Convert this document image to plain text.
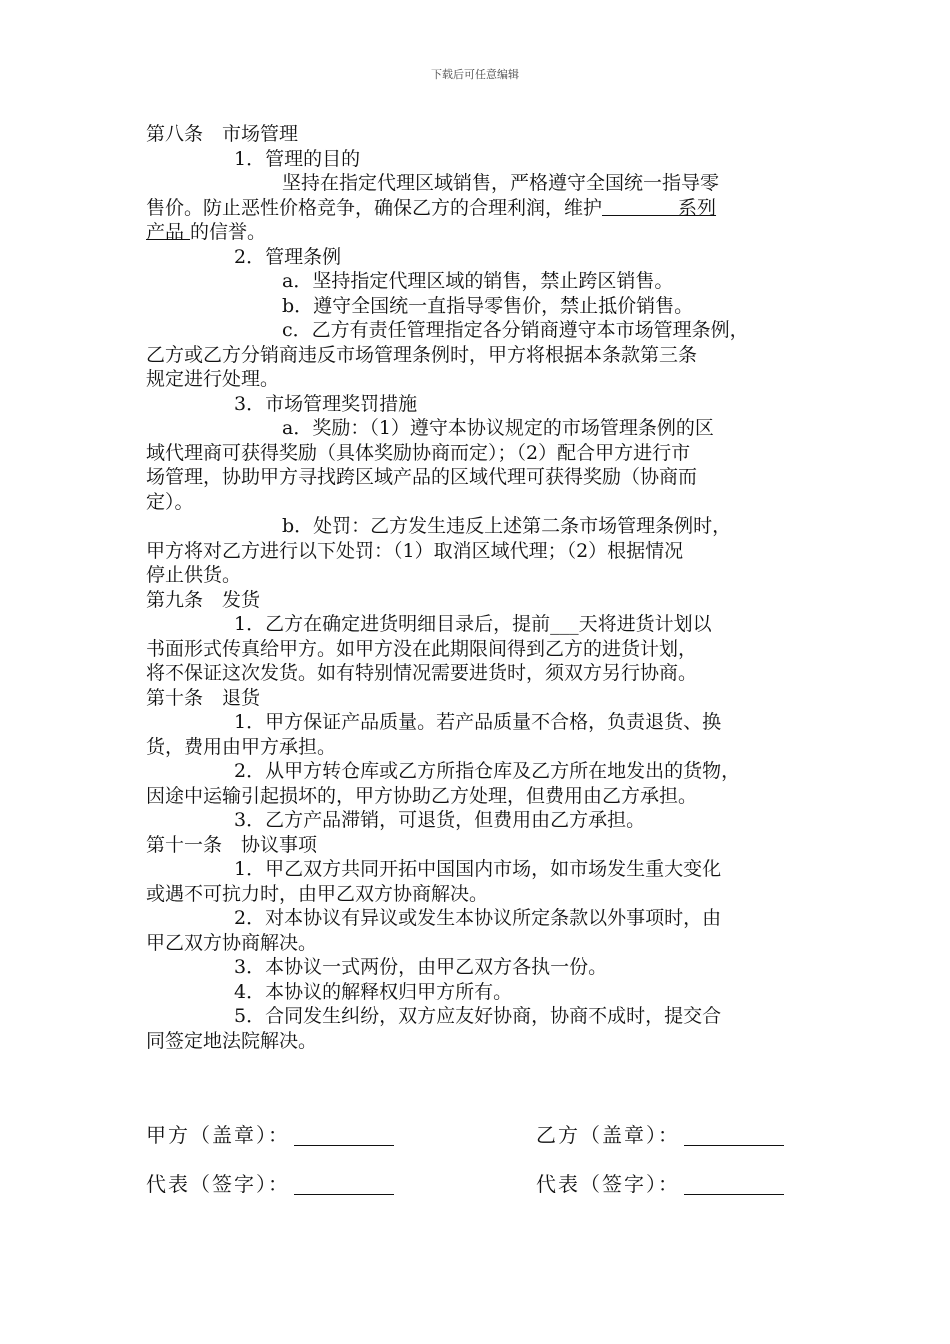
下载后可任意编辑

第八条　市场管理

1．管理的目的

坚持在指定代理区域销售，严格遵守全国统一指导零

售价。防止恶性价格竞争，确保乙方的合理利润，维护　　　　系列

产品 的信誉。

2．管理条例

a．坚持指定代理区域的销售，禁止跨区销售。

b．遵守全国统一直指导零售价，禁止抵价销售。

c．乙方有责任管理指定各分销商遵守本市场管理条例，

乙方或乙方分销商违反市场管理条例时，甲方将根据本条款第三条

规定进行处理。

3．市场管理奖罚措施

a．奖励：（1）遵守本协议规定的市场管理条例的区

域代理商可获得奖励（具体奖励协商而定）；（2）配合甲方进行市

场管理，协助甲方寻找跨区域产品的区域代理可获得奖励（协商而

定）。

b．处罚：乙方发生违反上述第二条市场管理条例时，

甲方将对乙方进行以下处罚：（1）取消区域代理；（2）根据情况

停止供货。

第九条　发货

1．乙方在确定进货明细目录后，提前___天将进货计划以

书面形式传真给甲方。如甲方没在此期限间得到乙方的进货计划，

将不保证这次发货。如有特别情况需要进货时，须双方另行协商。

第十条　退货

1．甲方保证产品质量。若产品质量不合格，负责退货、换

货，费用由甲方承担。

2．从甲方转仓库或乙方所指仓库及乙方所在地发出的货物，

因途中运输引起损坏的，甲方协助乙方处理，但费用由乙方承担。

3．乙方产品滞销，可退货，但费用由乙方承担。

第十一条　协议事项

1．甲乙双方共同开拓中国国内市场，如市场发生重大变化

或遇不可抗力时，由甲乙双方协商解决。

2．对本协议有异议或发生本协议所定条款以外事项时，由

甲乙双方协商解决。

3．本协议一式两份，由甲乙双方各执一份。

4．本协议的解释权归甲方所有。

5．合同发生纠纷，双方应友好协商，协商不成时，提交合

同签定地法院解决。

甲方（盖章）：	乙方（盖章）：
代表（签字）：	代表（签字）：
